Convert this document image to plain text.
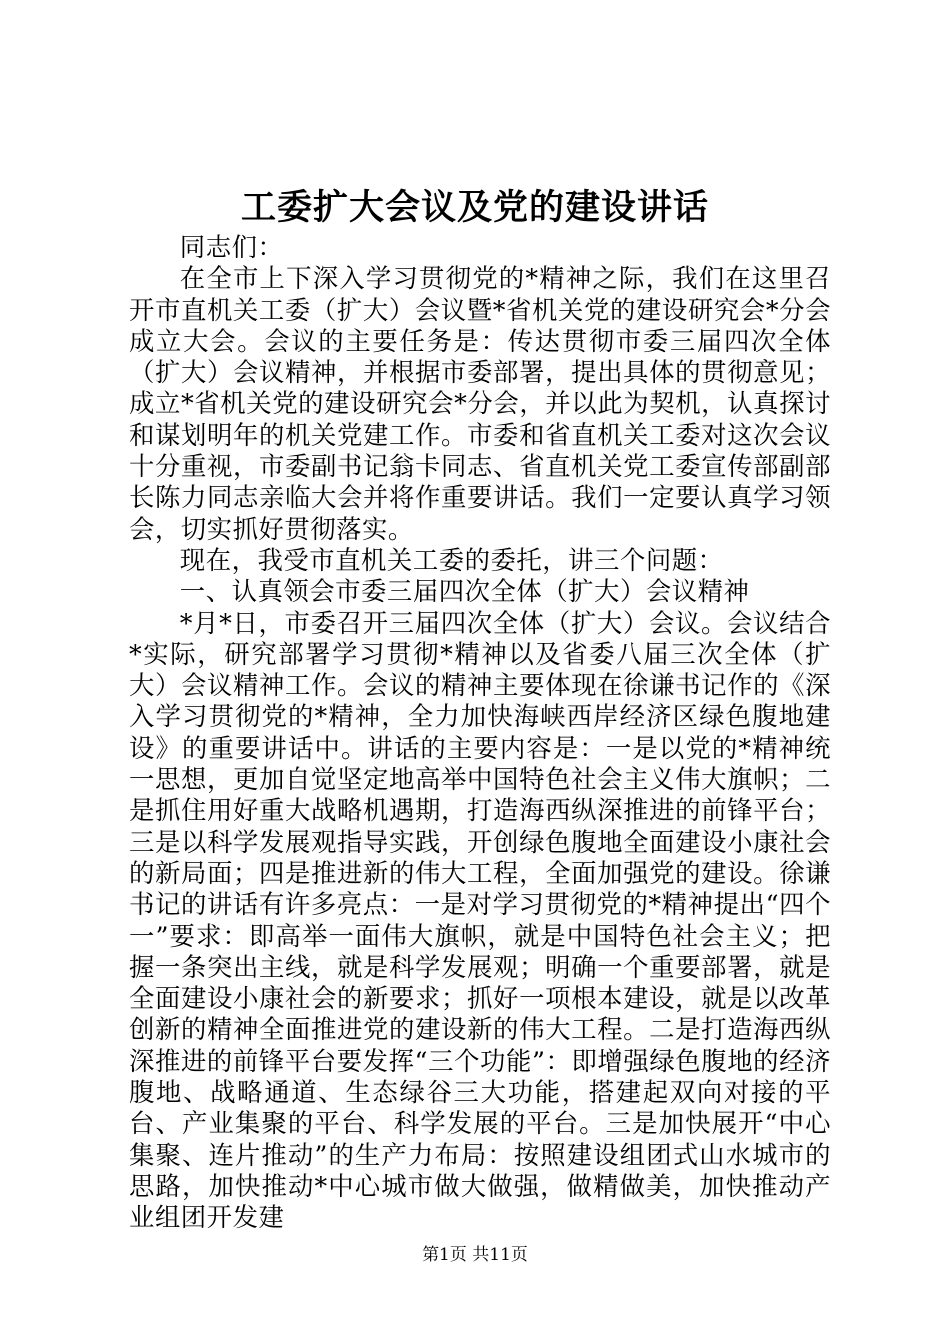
工委扩大会议及党的建设讲话

同志们：

在全市上下深入学习贯彻党的*精神之际，我们在这里召开市直机关工委（扩大）会议暨*省机关党的建设研究会*分会成立大会。会议的主要任务是：传达贯彻市委三届四次全体（扩大）会议精神，并根据市委部署，提出具体的贯彻意见；成立*省机关党的建设研究会*分会，并以此为契机，认真探讨和谋划明年的机关党建工作。市委和省直机关工委对这次会议十分重视，市委副书记翁卡同志、省直机关党工委宣传部副部长陈力同志亲临大会并将作重要讲话。我们一定要认真学习领会，切实抓好贯彻落实。

现在，我受市直机关工委的委托，讲三个问题：

一、认真领会市委三届四次全体（扩大）会议精神

*月*日，市委召开三届四次全体（扩大）会议。会议结合*实际，研究部署学习贯彻*精神以及省委八届三次全体（扩大）会议精神工作。会议的精神主要体现在徐谦书记作的《深入学习贯彻党的*精神，全力加快海峡西岸经济区绿色腹地建设》的重要讲话中。讲话的主要内容是：一是以党的*精神统一思想，更加自觉坚定地高举中国特色社会主义伟大旗帜；二是抓住用好重大战略机遇期，打造海西纵深推进的前锋平台；三是以科学发展观指导实践，开创绿色腹地全面建设小康社会的新局面；四是推进新的伟大工程，全面加强党的建设。徐谦书记的讲话有许多亮点：一是对学习贯彻党的*精神提出“四个一”要求：即高举一面伟大旗帜，就是中国特色社会主义；把握一条突出主线，就是科学发展观；明确一个重要部署，就是全面建设小康社会的新要求；抓好一项根本建设，就是以改革创新的精神全面推进党的建设新的伟大工程。二是打造海西纵深推进的前锋平台要发挥“三个功能”：即增强绿色腹地的经济腹地、战略通道、生态绿谷三大功能，搭建起双向对接的平台、产业集聚的平台、科学发展的平台。三是加快展开“中心集聚、连片推动”的生产力布局：按照建设组团式山水城市的思路，加快推动*中心城市做大做强，做精做美，加快推动产业组团开发建

第1页 共11页
